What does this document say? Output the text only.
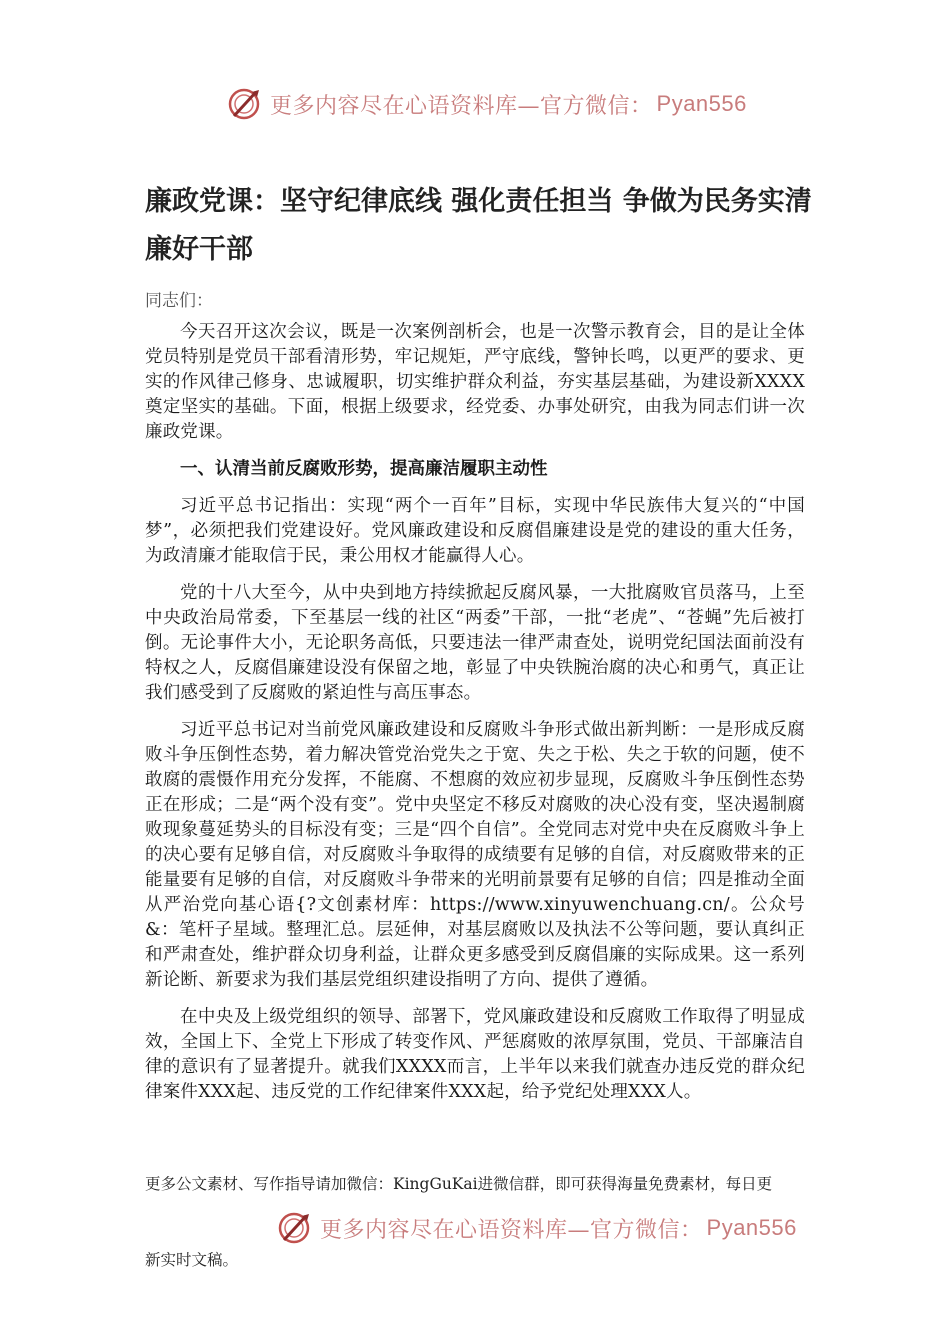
更多内容尽在心语资料库—官方微信： Pyan556
廉政党课：坚守纪律底线 强化责任担当 争做为民务实清廉好干部
同志们：

今天召开这次会议，既是一次案例剖析会，也是一次警示教育会，目的是让全体党员特别是党员干部看清形势，牢记规矩，严守底线，警钟长鸣，以更严的要求、更实的作风律己修身、忠诚履职，切实维护群众利益，夯实基层基础，为建设新XXXX奠定坚实的基础。下面，根据上级要求，经党委、办事处研究，由我为同志们讲一次廉政党课。

一、认清当前反腐败形势，提高廉洁履职主动性

习近平总书记指出：实现“两个一百年”目标，实现中华民族伟大复兴的“中国梦”，必须把我们党建设好。党风廉政建设和反腐倡廉建设是党的建设的重大任务，为政清廉才能取信于民，秉公用权才能赢得人心。

党的十八大至今，从中央到地方持续掀起反腐风暴，一大批腐败官员落马，上至中央政治局常委，下至基层一线的社区“两委”干部，一批“老虎”、“苍蝇”先后被打倒。无论事件大小，无论职务高低，只要违法一律严肃查处，说明党纪国法面前没有特权之人，反腐倡廉建设没有保留之地，彰显了中央铁腕治腐的决心和勇气，真正让我们感受到了反腐败的紧迫性与高压事态。

习近平总书记对当前党风廉政建设和反腐败斗争形式做出新判断：一是形成反腐败斗争压倒性态势，着力解决管党治党失之于宽、失之于松、失之于软的问题，使不敢腐的震慑作用充分发挥，不能腐、不想腐的效应初步显现，反腐败斗争压倒性态势正在形成；二是“两个没有变”。党中央坚定不移反对腐败的决心没有变，坚决遏制腐败现象蔓延势头的目标没有变；三是“四个自信”。全党同志对党中央在反腐败斗争上的决心要有足够自信，对反腐败斗争取得的成绩要有足够的自信，对反腐败带来的正能量要有足够的自信，对反腐败斗争带来的光明前景要有足够的自信；四是推动全面从严治党向基心语{?文创素材库：https://www.xinyuwenchuang.cn/。公众号&：笔杆子星域。整理汇总。层延伸，对基层腐败以及执法不公等问题，要认真纠正和严肃查处，维护群众切身利益，让群众更多感受到反腐倡廉的实际成果。这一系列新论断、新要求为我们基层党组织建设指明了方向、提供了遵循。

在中央及上级党组织的领导、部署下，党风廉政建设和反腐败工作取得了明显成效，全国上下、全党上下形成了转变作风、严惩腐败的浓厚氛围，党员、干部廉洁自律的意识有了显著提升。就我们XXXX而言，上半年以来我们就查办违反党的群众纪律案件XXX起、违反党的工作纪律案件XXX起，给予党纪处理XXX人。

更多公文素材、写作指导请加微信：KingGuKai进微信群，即可获得海量免费素材，每日更
更多内容尽在心语资料库—官方微信： Pyan556
新实时文稿。
